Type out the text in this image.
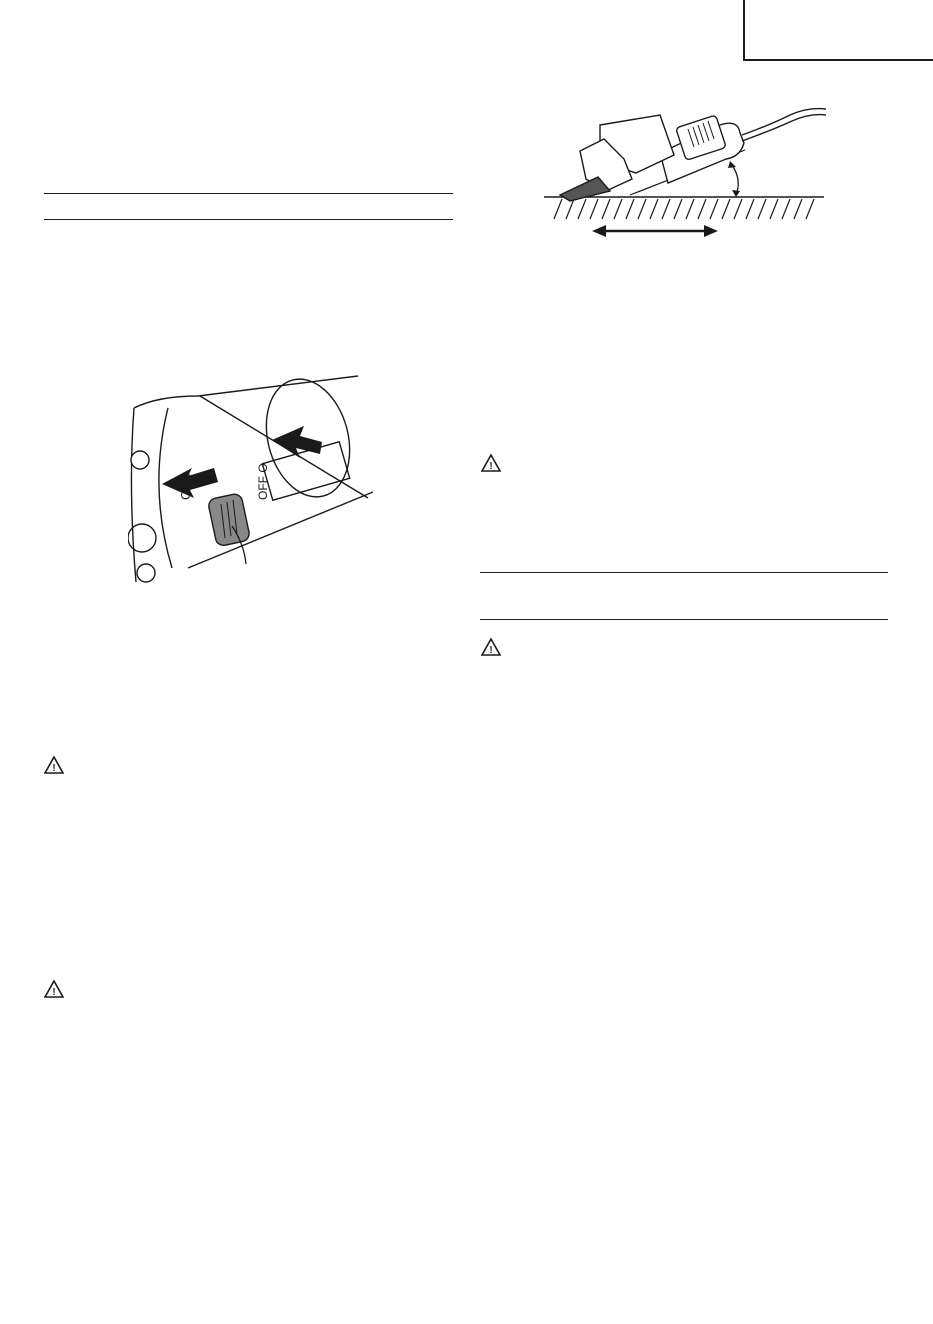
ON I
OFF O	!
!
!
!
